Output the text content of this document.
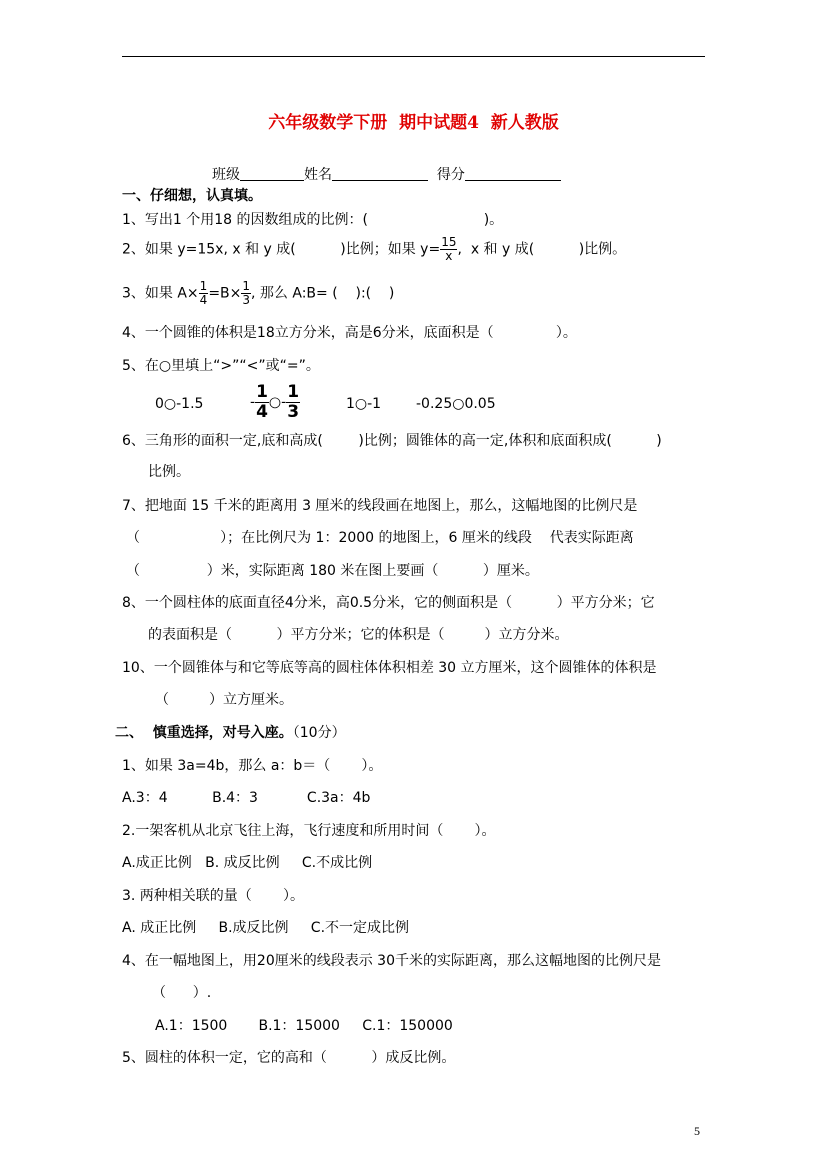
六年级数学下册  期中试题4  新人教版
班级	姓名	得分
一、仔细想，认真填。
1、写出1 个用18 的因数组成的比例：(                          )。
2、如果 y=15x, x 和 y 成(          )比例；如果 $y= \frac{15}{x}$ ,  x 和 y 成(          )比例。
3、如果 $A\times \frac{1}{4} =B\times \frac{1}{3}$ , 那么 A:B= (    ):(    )
4、一个圆锥的体积是18立方分米，高是6分米，底面积是（              ）。
5、在○里填上“>”“<”或“=”。
0○-1.5	- $\frac{1}{4}$ ○- $\frac{1}{3}$	1○-1 -0.25○0.05
6、三角形的面积一定,底和高成(        )比例；圆锥体的高一定,体积和底面积成(          )
比例。
7、把地面 15 千米的距离用 3 厘米的线段画在地图上，那么，这幅地图的比例尺是
（                  ）；在比例尺为 1：2000 的地图上，6 厘米的线段    代表实际距离
（               ）米，实际距离 180 米在图上要画（          ）厘米。
8、一个圆柱体的底面直径4分米，高0.5分米，它的侧面积是（          ）平方分米；它
的表面积是（          ）平方分米；它的体积是（         ）立方分米。
10、一个圆锥体与和它等底等高的圆柱体体积相差 30 立方厘米，这个圆锥体的体积是
（         ）立方厘米。
二、  慎重选择，对号入座。（10分）
1、如果 3a=4b，那么 a：b＝（       ）。
A.3：4          B.4：3           C.3a：4b
2.一架客机从北京飞往上海，飞行速度和所用时间（       ）。
A.成正比例   B. 成反比例     C.不成比例
3. 两种相关联的量（       ）。
A. 成正比例     B.成反比例     C.不一定成比例
4、在一幅地图上，用20厘米的线段表示 30千米的实际距离，那么这幅地图的比例尺是
（      ）.
A.1：1500       B.1：15000     C.1：150000
5、圆柱的体积一定，它的高和（          ）成反比例。
5
